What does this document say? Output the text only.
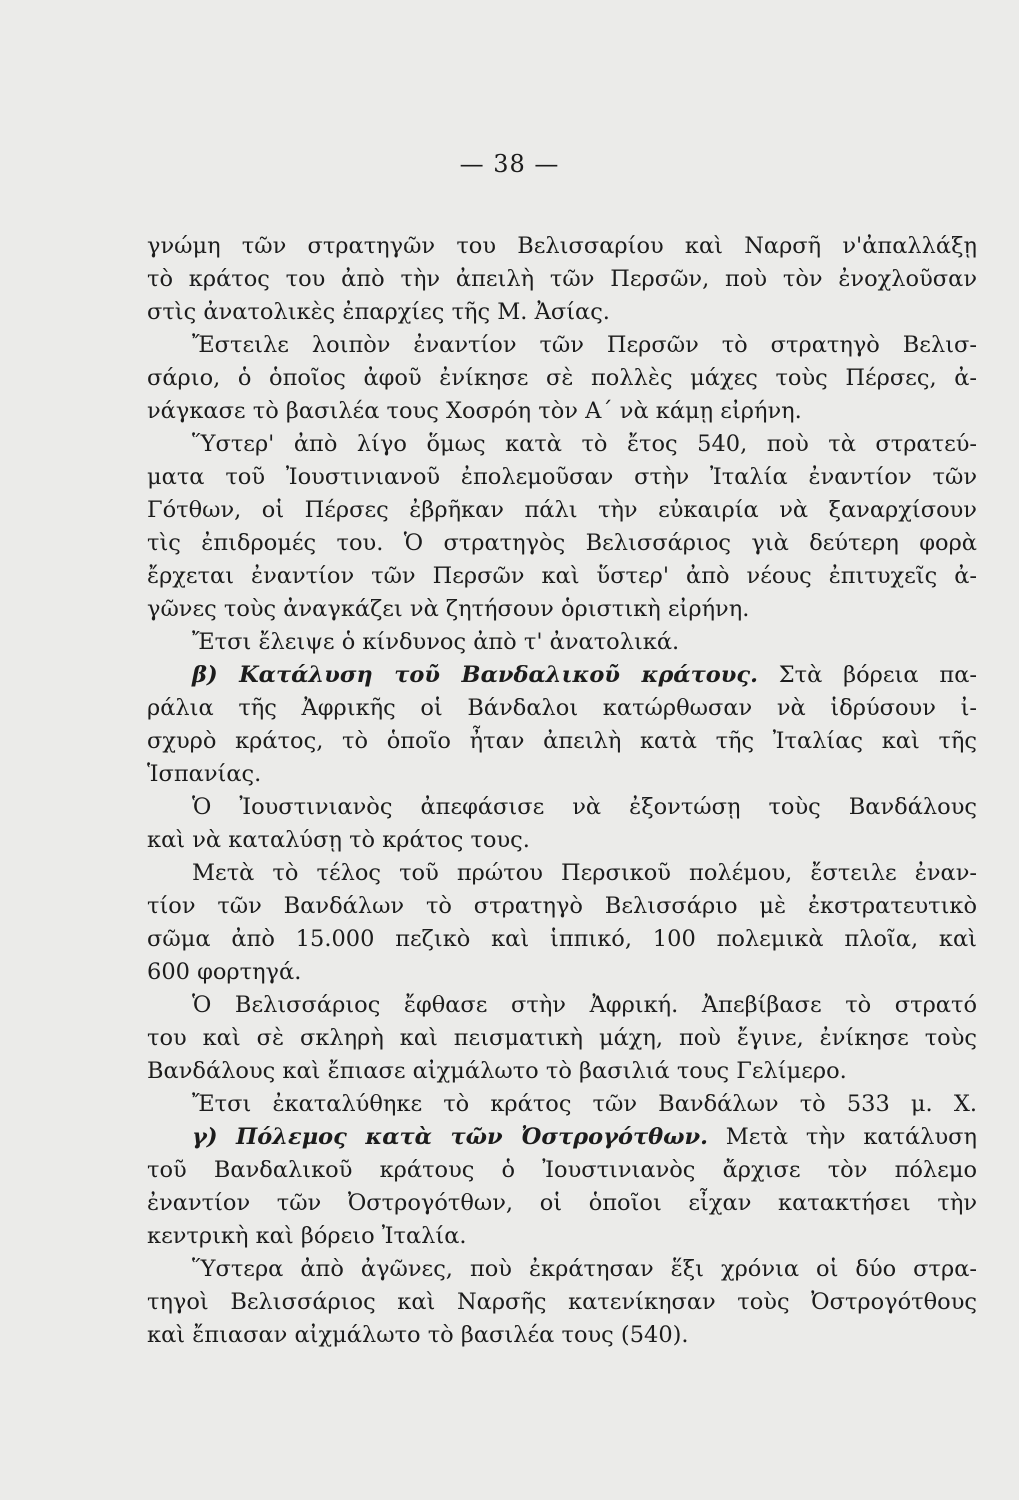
— 38 —
γνώμη τῶν στρατηγῶν του Βελισσαρίου καὶ Ναρσῆ ν'ἀπαλλάξῃ
τὸ κράτος του ἀπὸ τὴν ἀπειλὴ τῶν Περσῶν, ποὺ τὸν ἐνοχλοῦσαν
στὶς ἀνατολικὲς ἐπαρχίες τῆς Μ. Ἀσίας.
Ἔστειλε λοιπὸν ἐναντίον τῶν Περσῶν τὸ στρατηγὸ Βελισ-
σάριο, ὁ ὁποῖος ἀφοῦ ἐνίκησε σὲ πολλὲς μάχες τοὺς Πέρσες, ἀ-
νάγκασε τὸ βασιλέα τους Χοσρόη τὸν Α΄ νὰ κάμῃ εἰρήνη.
Ὕστερ' ἀπὸ λίγο ὅμως κατὰ τὸ ἔτος 540, ποὺ τὰ στρατεύ-
ματα τοῦ Ἰουστινιανοῦ ἐπολεμοῦσαν στὴν Ἰταλία ἐναντίον τῶν
Γότθων, οἱ Πέρσες ἐβρῆκαν πάλι τὴν εὐκαιρία νὰ ξαναρχίσουν
τὶς ἐπιδρομές του. Ὁ στρατηγὸς Βελισσάριος γιὰ δεύτερη φορὰ
ἔρχεται ἐναντίον τῶν Περσῶν καὶ ὕστερ' ἀπὸ νέους ἐπιτυχεῖς ἀ-
γῶνες τοὺς ἀναγκάζει νὰ ζητήσουν ὁριστικὴ εἰρήνη.
Ἔτσι ἔλειψε ὁ κίνδυνος ἀπὸ τ' ἀνατολικά.
β) Κατάλυση τοῦ Βανδαλικοῦ κράτους. Στὰ βόρεια πα-
ράλια τῆς Ἀφρικῆς οἱ Βάνδαλοι κατώρθωσαν νὰ ἱδρύσουν ἰ-
σχυρὸ κράτος, τὸ ὁποῖο ἦταν ἀπειλὴ κατὰ τῆς Ἰταλίας καὶ τῆς
Ἱσπανίας.
Ὁ Ἰουστινιανὸς ἀπεφάσισε νὰ ἐξοντώσῃ τοὺς Βανδάλους
καὶ νὰ καταλύσῃ τὸ κράτος τους.
Μετὰ τὸ τέλος τοῦ πρώτου Περσικοῦ πολέμου, ἔστειλε ἐναν-
τίον τῶν Βανδάλων τὸ στρατηγὸ Βελισσάριο μὲ ἐκστρατευτικὸ
σῶμα ἀπὸ 15.000 πεζικὸ καὶ ἱππικό, 100 πολεμικὰ πλοῖα, καὶ
600 φορτηγά.
Ὁ Βελισσάριος ἔφθασε στὴν Ἀφρική. Ἀπεβίβασε τὸ στρατό
του καὶ σὲ σκληρὴ καὶ πεισματικὴ μάχη, ποὺ ἔγινε, ἐνίκησε τοὺς
Βανδάλους καὶ ἔπιασε αἰχμάλωτο τὸ βασιλιά τους Γελίμερο.
Ἔτσι ἐκαταλύθηκε τὸ κράτος τῶν Βανδάλων τὸ 533 μ. Χ.
γ) Πόλεμος κατὰ τῶν Ὀστρογότθων. Μετὰ τὴν κατάλυση
τοῦ Βανδαλικοῦ κράτους ὁ Ἰουστινιανὸς ἄρχισε τὸν πόλεμο
ἐναντίον τῶν Ὀστρογότθων, οἱ ὁποῖοι εἶχαν κατακτήσει τὴν
κεντρικὴ καὶ βόρειο Ἰταλία.
Ὕστερα ἀπὸ ἀγῶνες, ποὺ ἐκράτησαν ἕξι χρόνια οἱ δύο στρα-
τηγοὶ Βελισσάριος καὶ Ναρσῆς κατενίκησαν τοὺς Ὀστρογότθους
καὶ ἔπιασαν αἰχμάλωτο τὸ βασιλέα τους (540).
